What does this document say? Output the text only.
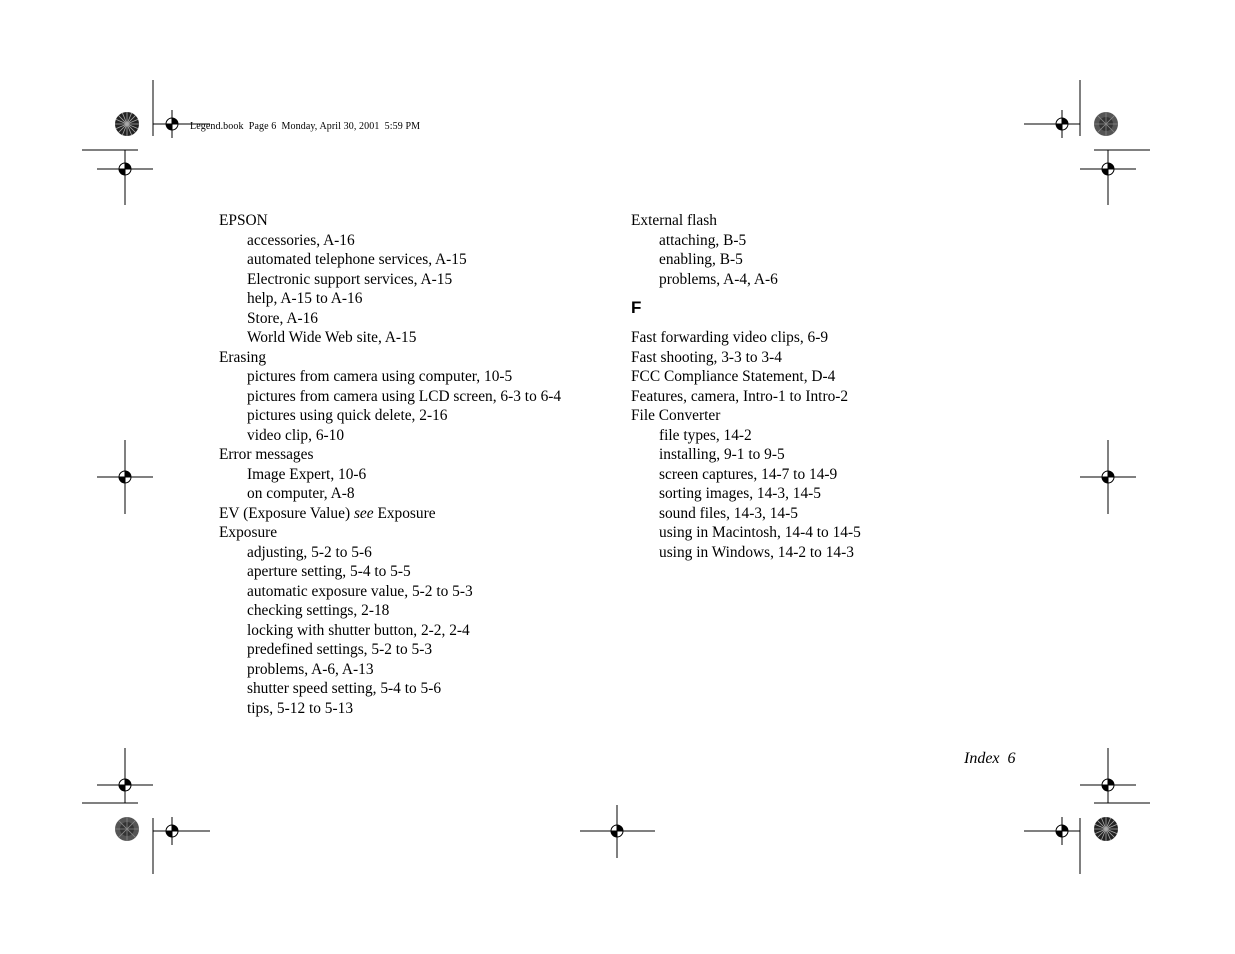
Legend.book  Page 6  Monday, April 30, 2001  5:59 PM
EPSON
accessories, A-16
automated telephone services, A-15
Electronic support services, A-15
help, A-15 to A-16
Store, A-16
World Wide Web site, A-15
Erasing
pictures from camera using computer, 10-5
pictures from camera using LCD screen, 6-3 to 6-4
pictures using quick delete, 2-16
video clip, 6-10
Error messages
Image Expert, 10-6
on computer, A-8
EV (Exposure Value) see Exposure
Exposure
adjusting, 5-2 to 5-6
aperture setting, 5-4 to 5-5
automatic exposure value, 5-2 to 5-3
checking settings, 2-18
locking with shutter button, 2-2, 2-4
predefined settings, 5-2 to 5-3
problems, A-6, A-13
shutter speed setting, 5-4 to 5-6
tips, 5-12 to 5-13
External flash
attaching, B-5
enabling, B-5
problems, A-4, A-6
F
Fast forwarding video clips, 6-9
Fast shooting, 3-3 to 3-4
FCC Compliance Statement, D-4
Features, camera, Intro-1 to Intro-2
File Converter
file types, 14-2
installing, 9-1 to 9-5
screen captures, 14-7 to 14-9
sorting images, 14-3, 14-5
sound files, 14-3, 14-5
using in Macintosh, 14-4 to 14-5
using in Windows, 14-2 to 14-3
Index  6
